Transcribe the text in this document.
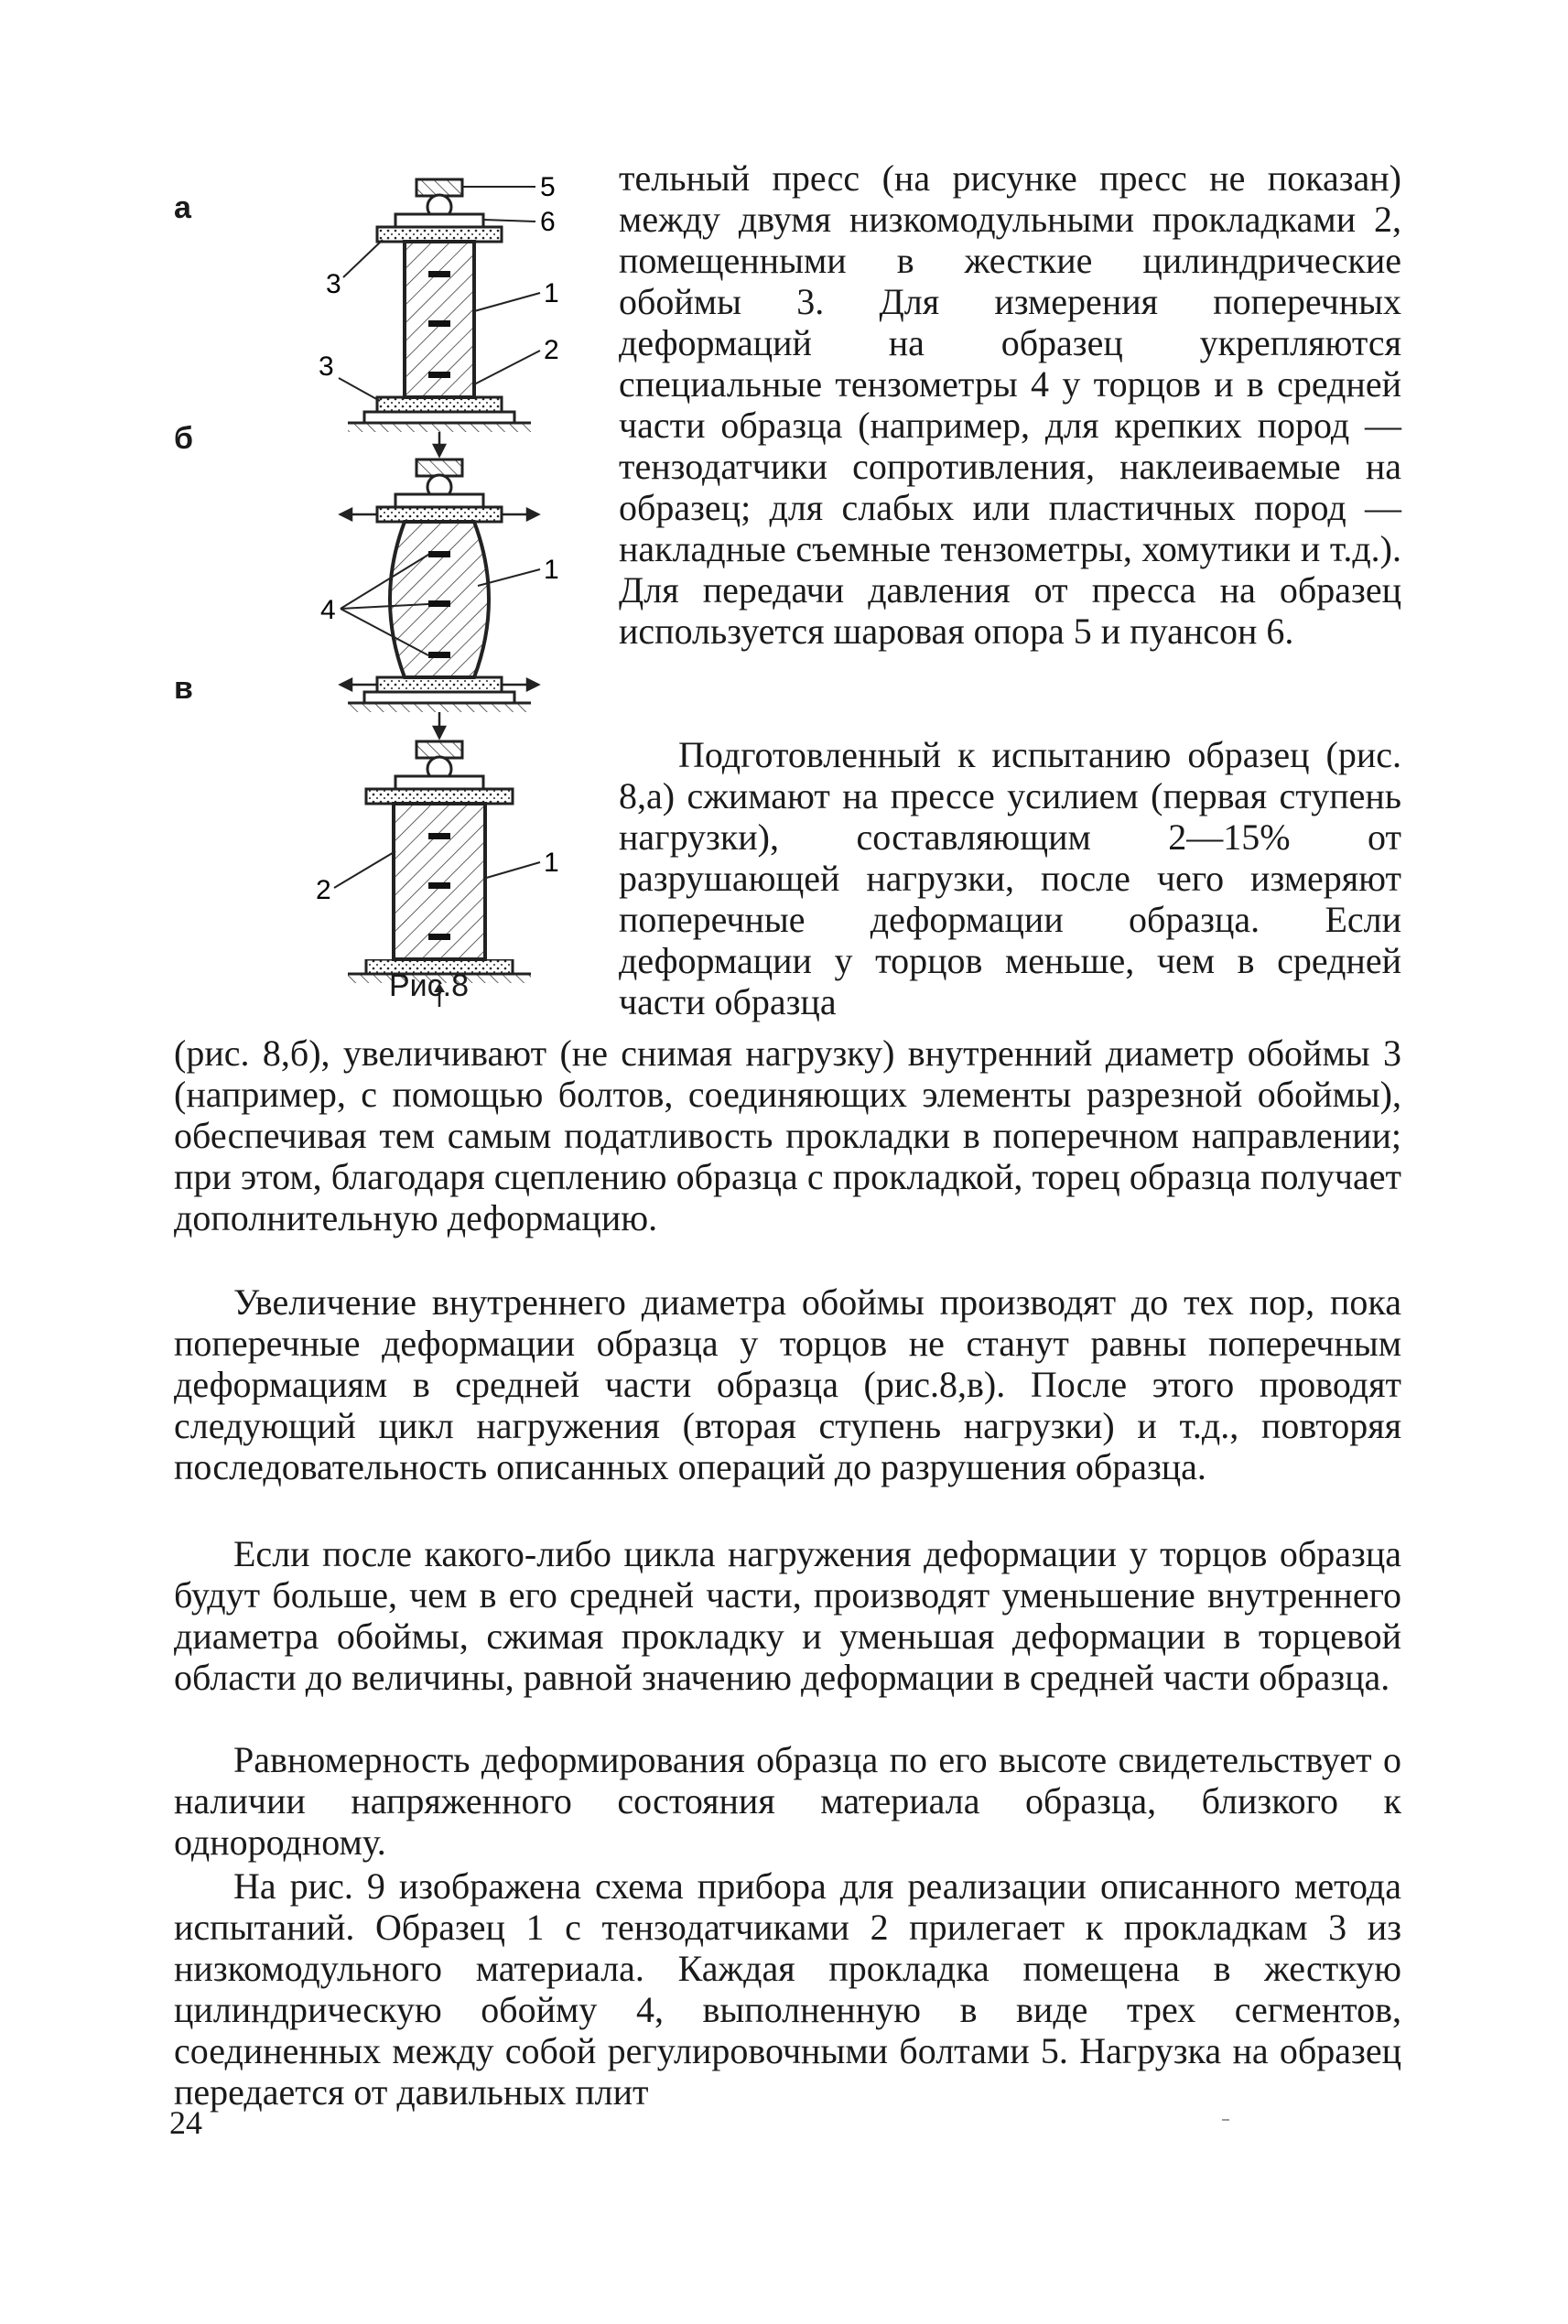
5
6
3	1
3
2
1
4
2
1
а
б
в
Рис.8

тельный пресс (на рисунке пресс не показан) между двумя низкомодульными прокладками 2, помещенными в жесткие цилиндрические обоймы 3. Для измерения поперечных деформаций на образец укрепляются специальные тензометры 4 у торцов и в средней части образца (например, для крепких пород — тензодатчики сопротивления, наклеиваемые на образец; для слабых или пластичных пород — накладные съемные тензометры, хомутики и т.д.). Для передачи давления от пресса на образец используется шаровая опора 5 и пуансон 6.

Подготовленный к испытанию образец (рис. 8,а) сжимают на прессе усилием (первая ступень нагрузки), составляющим 2—15% от разрушающей нагрузки, после чего измеряют поперечные деформации образца. Если деформации у торцов меньше, чем в средней части образца

(рис. 8,б), увеличивают (не снимая нагрузку) внутренний диаметр обоймы 3 (например, с помощью болтов, соединяющих элементы разрезной обоймы), обеспечивая тем самым податливость прокладки в поперечном направлении; при этом, благодаря сцеплению образца с прокладкой, торец образца получает дополнительную деформацию.

Увеличение внутреннего диаметра обоймы производят до тех пор, пока поперечные деформации образца у торцов не станут равны поперечным деформациям в средней части образца (рис.8,в). После этого проводят следующий цикл нагружения (вторая ступень нагрузки) и т.д., повторяя последовательность описанных операций до разрушения образца.

Если после какого-либо цикла нагружения деформации у торцов образца будут больше, чем в его средней части, производят уменьшение внутреннего диаметра обоймы, сжимая прокладку и уменьшая деформации в торцевой области до величины, равной значению деформации в средней части образца.

Равномерность деформирования образца по его высоте свидетельствует о наличии напряженного состояния материала образца, близкого к однородному.

На рис. 9 изображена схема прибора для реализации описанного метода испытаний. Образец 1 с тензодатчиками 2 прилегает к прокладкам 3 из низкомодульного материала. Каждая прокладка помещена в жесткую цилиндрическую обойму 4, выполненную в виде трех сегментов, соединенных между собой регулировочными болтами 5. Нагрузка на образец передается от давильных плит

24
